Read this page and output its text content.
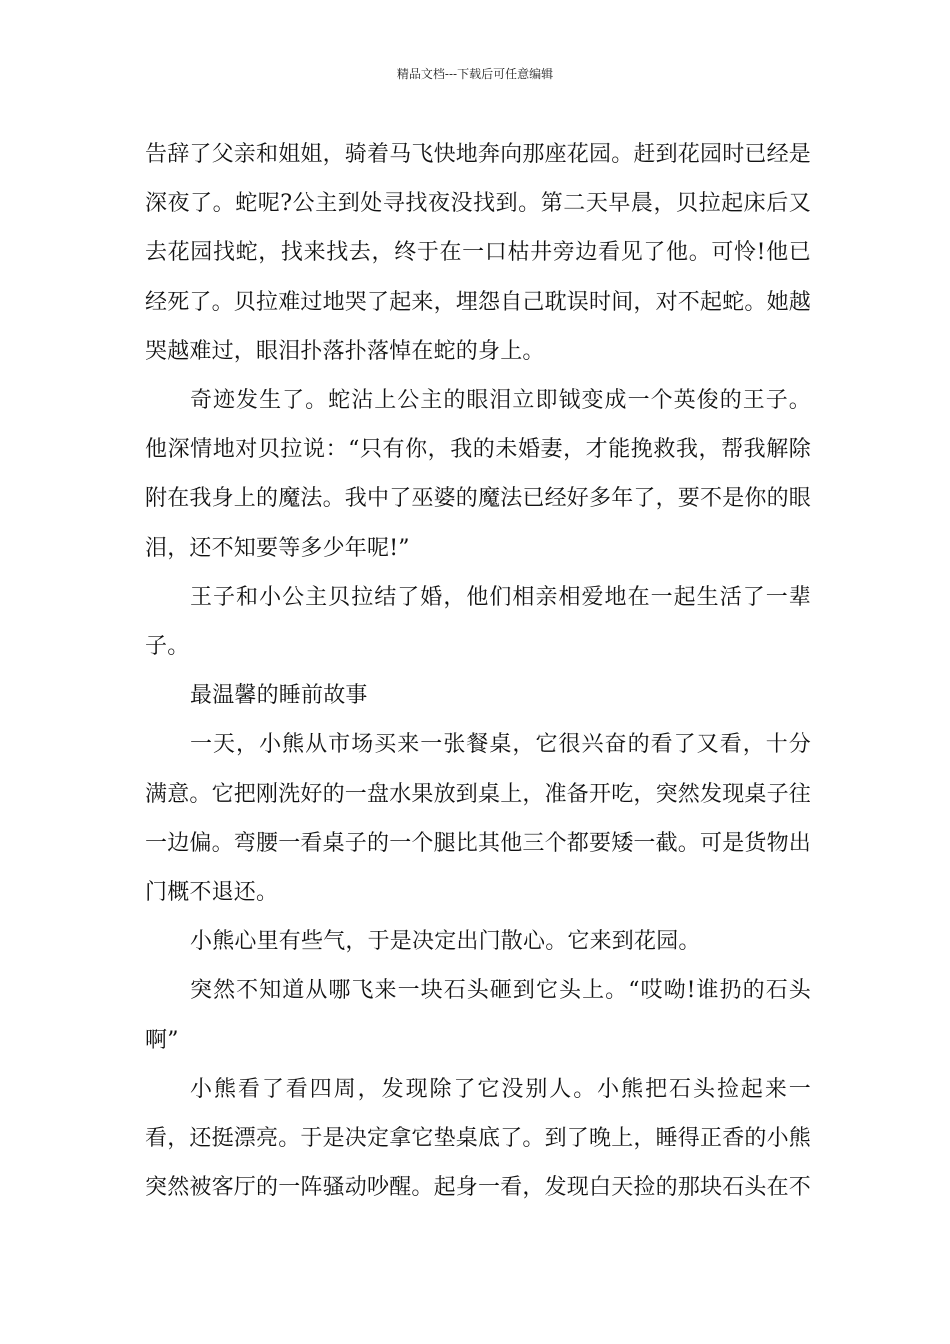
精品文档---下载后可任意编辑

告辞了父亲和姐姐，骑着马飞快地奔向那座花园。赶到花园时已经是深夜了。蛇呢?公主到处寻找夜没找到。第二天早晨，贝拉起床后又去花园找蛇，找来找去，终于在一口枯井旁边看见了他。可怜!他已经死了。贝拉难过地哭了起来，埋怨自己耽误时间，对不起蛇。她越哭越难过，眼泪扑落扑落悼在蛇的身上。

奇迹发生了。蛇沾上公主的眼泪立即钺变成一个英俊的王子。他深情地对贝拉说：“只有你，我的未婚妻，才能挽救我，帮我解除附在我身上的魔法。我中了巫婆的魔法已经好多年了，要不是你的眼泪，还不知要等多少年呢!”

王子和小公主贝拉结了婚，他们相亲相爱地在一起生活了一辈子。

最温馨的睡前故事

一天，小熊从市场买来一张餐桌，它很兴奋的看了又看，十分满意。它把刚洗好的一盘水果放到桌上，准备开吃，突然发现桌子往一边偏。弯腰一看桌子的一个腿比其他三个都要矮一截。可是货物出门概不退还。

小熊心里有些气，于是决定出门散心。它来到花园。

突然不知道从哪飞来一块石头砸到它头上。“哎呦!谁扔的石头啊”

小熊看了看四周，发现除了它没别人。小熊把石头捡起来一看，还挺漂亮。于是决定拿它垫桌底了。到了晚上，睡得正香的小熊突然被客厅的一阵骚动吵醒。起身一看，发现白天捡的那块石头在不
